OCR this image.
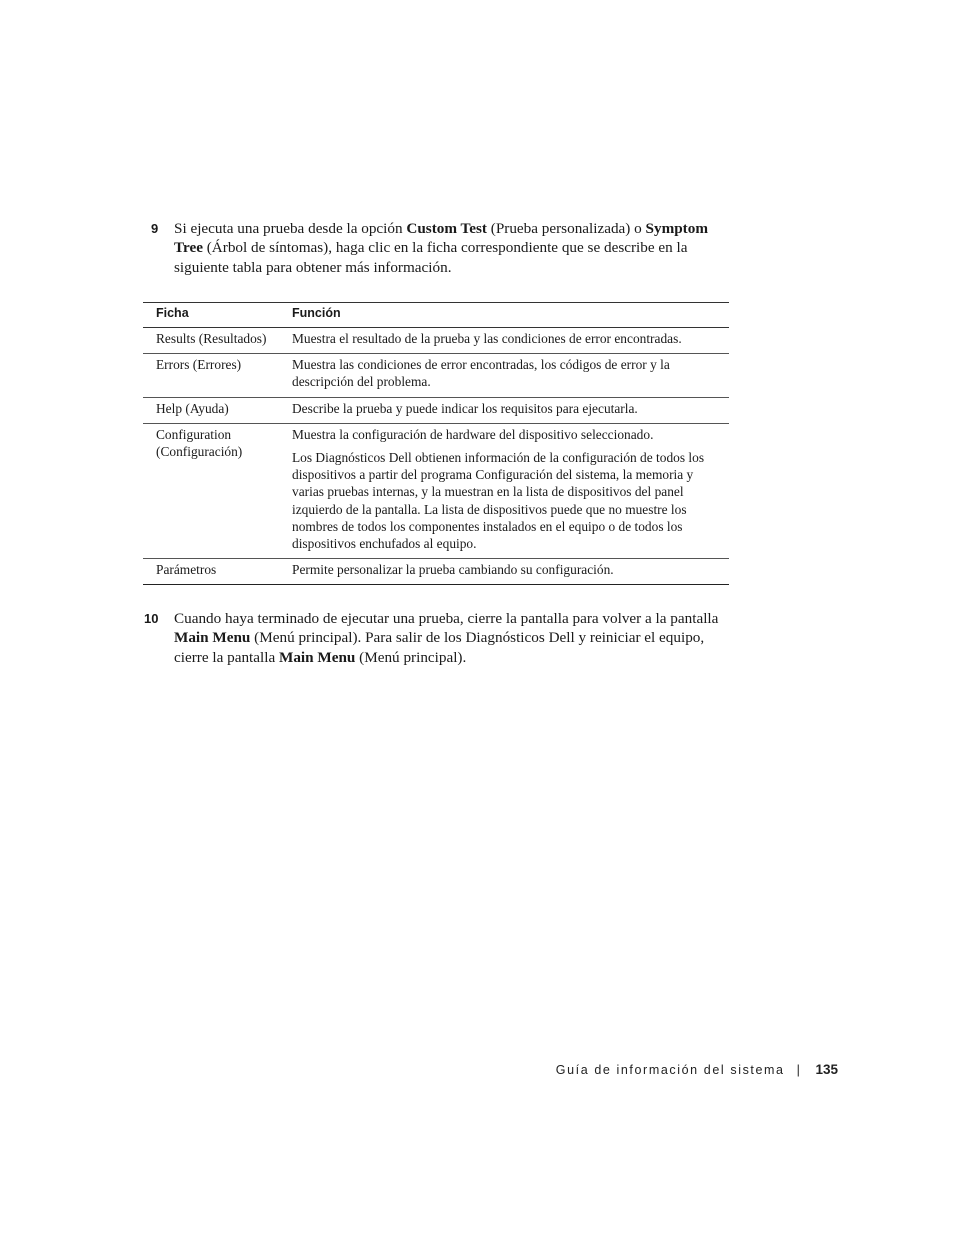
9	Si ejecuta una prueba desde la opción Custom Test (Prueba personalizada) o Symptom Tree (Árbol de síntomas), haga clic en la ficha correspondiente que se describe en la siguiente tabla para obtener más información.
Ficha	Función
Results (Resultados)	Muestra el resultado de la prueba y las condiciones de error encontradas.

Errors (Errores)	Muestra las condiciones de error encontradas, los códigos de error y la descripción del problema.

Help (Ayuda)	Describe la prueba y puede indicar los requisitos para ejecutarla.

Configuration (Configuración)	Muestra la configuración de hardware del dispositivo seleccionado.

Los Diagnósticos Dell obtienen información de la configuración de todos los dispositivos a partir del programa Configuración del sistema, la memoria y varias pruebas internas, y la muestran en la lista de dispositivos del panel izquierdo de la pantalla. La lista de dispositivos puede que no muestre los nombres de todos los componentes instalados en el equipo o de todos los dispositivos enchufados al equipo.

Parámetros	Permite personalizar la prueba cambiando su configuración.

10	Cuando haya terminado de ejecutar una prueba, cierre la pantalla para volver a la pantalla Main Menu (Menú principal). Para salir de los Diagnósticos Dell y reiniciar el equipo, cierre la pantalla Main Menu (Menú principal).
Guía de información del sistema | 135
